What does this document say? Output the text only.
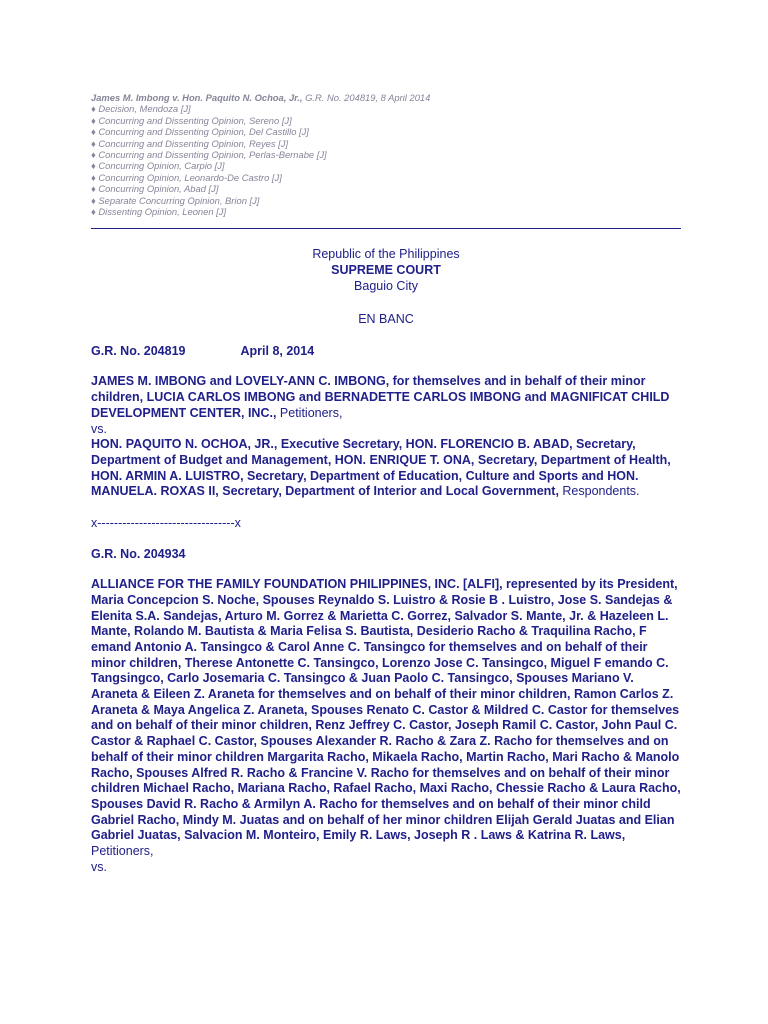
James M. Imbong v. Hon. Paquito N. Ochoa, Jr., G.R. No. 204819, 8 April 2014
♦ Decision, Mendoza [J]
♦ Concurring and Dissenting Opinion, Sereno [J]
♦ Concurring and Dissenting Opinion, Del Castillo [J]
♦ Concurring and Dissenting Opinion, Reyes [J]
♦ Concurring and Dissenting Opinion, Perlas-Bernabe [J]
♦ Concurring Opinion, Carpio [J]
♦ Concurring Opinion, Leonardo-De Castro [J]
♦ Concurring Opinion, Abad [J]
♦ Separate Concurring Opinion, Brion [J]
♦ Dissenting Opinion, Leonen [J]
Republic of the Philippines
SUPREME COURT
Baguio City
EN BANC
G.R. No. 204819	April 8, 2014
JAMES M. IMBONG and LOVELY-ANN C. IMBONG, for themselves and in behalf of their minor children, LUCIA CARLOS IMBONG and BERNADETTE CARLOS IMBONG and MAGNIFICAT CHILD DEVELOPMENT CENTER, INC., Petitioners,
vs.
HON. PAQUITO N. OCHOA, JR., Executive Secretary, HON. FLORENCIO B. ABAD, Secretary, Department of Budget and Management, HON. ENRIQUE T. ONA, Secretary, Department of Health, HON. ARMIN A. LUISTRO, Secretary, Department of Education, Culture and Sports and HON. MANUELA. ROXAS II, Secretary, Department of Interior and Local Government, Respondents.
x---------------------------------x
G.R. No. 204934
ALLIANCE FOR THE FAMILY FOUNDATION PHILIPPINES, INC. [ALFI], represented by its President, Maria Concepcion S. Noche, Spouses Reynaldo S. Luistro & Rosie B . Luistro, Jose S. Sandejas & Elenita S.A. Sandejas, Arturo M. Gorrez & Marietta C. Gorrez, Salvador S. Mante, Jr. & Hazeleen L. Mante, Rolando M. Bautista & Maria Felisa S. Bautista, Desiderio Racho & Traquilina Racho, F emand Antonio A. Tansingco & Carol Anne C. Tansingco for themselves and on behalf of their minor children, Therese Antonette C. Tansingco, Lorenzo Jose C. Tansingco, Miguel F emando C. Tangsingco, Carlo Josemaria C. Tansingco & Juan Paolo C. Tansingco, Spouses Mariano V. Araneta & Eileen Z. Araneta for themselves and on behalf of their minor children, Ramon Carlos Z. Araneta & Maya Angelica Z. Araneta, Spouses Renato C. Castor & Mildred C. Castor for themselves and on behalf of their minor children, Renz Jeffrey C. Castor, Joseph Ramil C. Castor, John Paul C. Castor & Raphael C. Castor, Spouses Alexander R. Racho & Zara Z. Racho for themselves and on behalf of their minor children Margarita Racho, Mikaela Racho, Martin Racho, Mari Racho & Manolo Racho, Spouses Alfred R. Racho & Francine V. Racho for themselves and on behalf of their minor children Michael Racho, Mariana Racho, Rafael Racho, Maxi Racho, Chessie Racho & Laura Racho, Spouses David R. Racho & Armilyn A. Racho for themselves and on behalf of their minor child Gabriel Racho, Mindy M. Juatas and on behalf of her minor children Elijah Gerald Juatas and Elian Gabriel Juatas, Salvacion M. Monteiro, Emily R. Laws, Joseph R . Laws & Katrina R. Laws, Petitioners,
vs.
